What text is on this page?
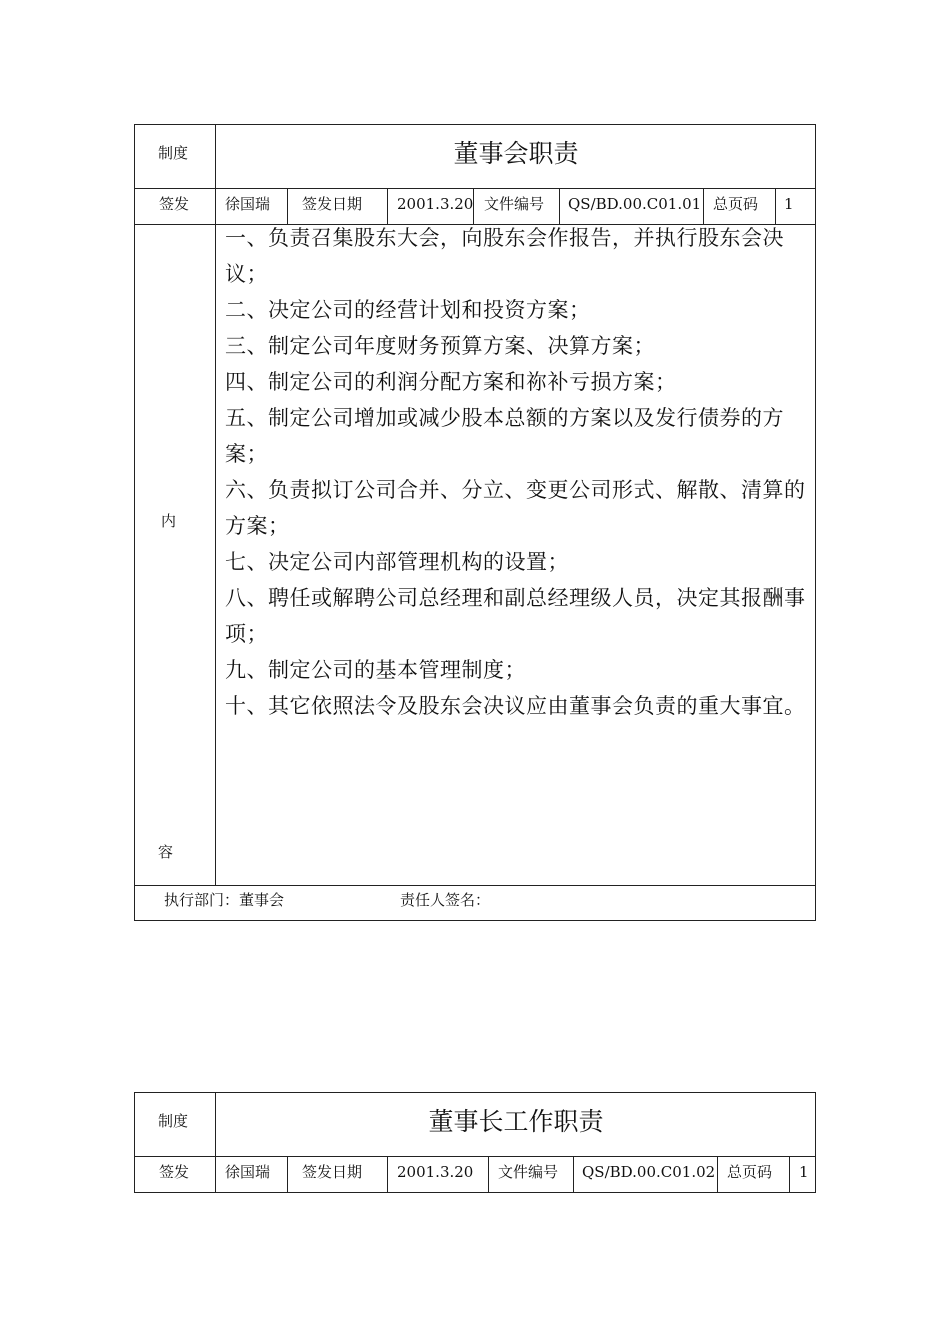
制度	董事会职责
签发 徐国瑞 签发日期 2001.3.20 文件编号 QS/BD.00.C01.01 总页码 1
内
容

一、负责召集股东大会，向股东会作报告，并执行股东会决议；

二、决定公司的经营计划和投资方案；

三、制定公司年度财务预算方案、决算方案；

四、制定公司的利润分配方案和祢补亏损方案；

五、制定公司增加或减少股本总额的方案以及发行债券的方案；

六、负责拟订公司合并、分立、变更公司形式、解散、清算的方案；

七、决定公司内部管理机构的设置；

八、聘任或解聘公司总经理和副总经理级人员，决定其报酬事项；

九、制定公司的基本管理制度；

十、其它依照法令及股东会决议应由董事会负责的重大事宜。

执行部门：董事会	责任人签名：
制度	董事长工作职责
签发 徐国瑞 签发日期 2001.3.20 文件编号 QS/BD.00.C01.02 总页码 1
